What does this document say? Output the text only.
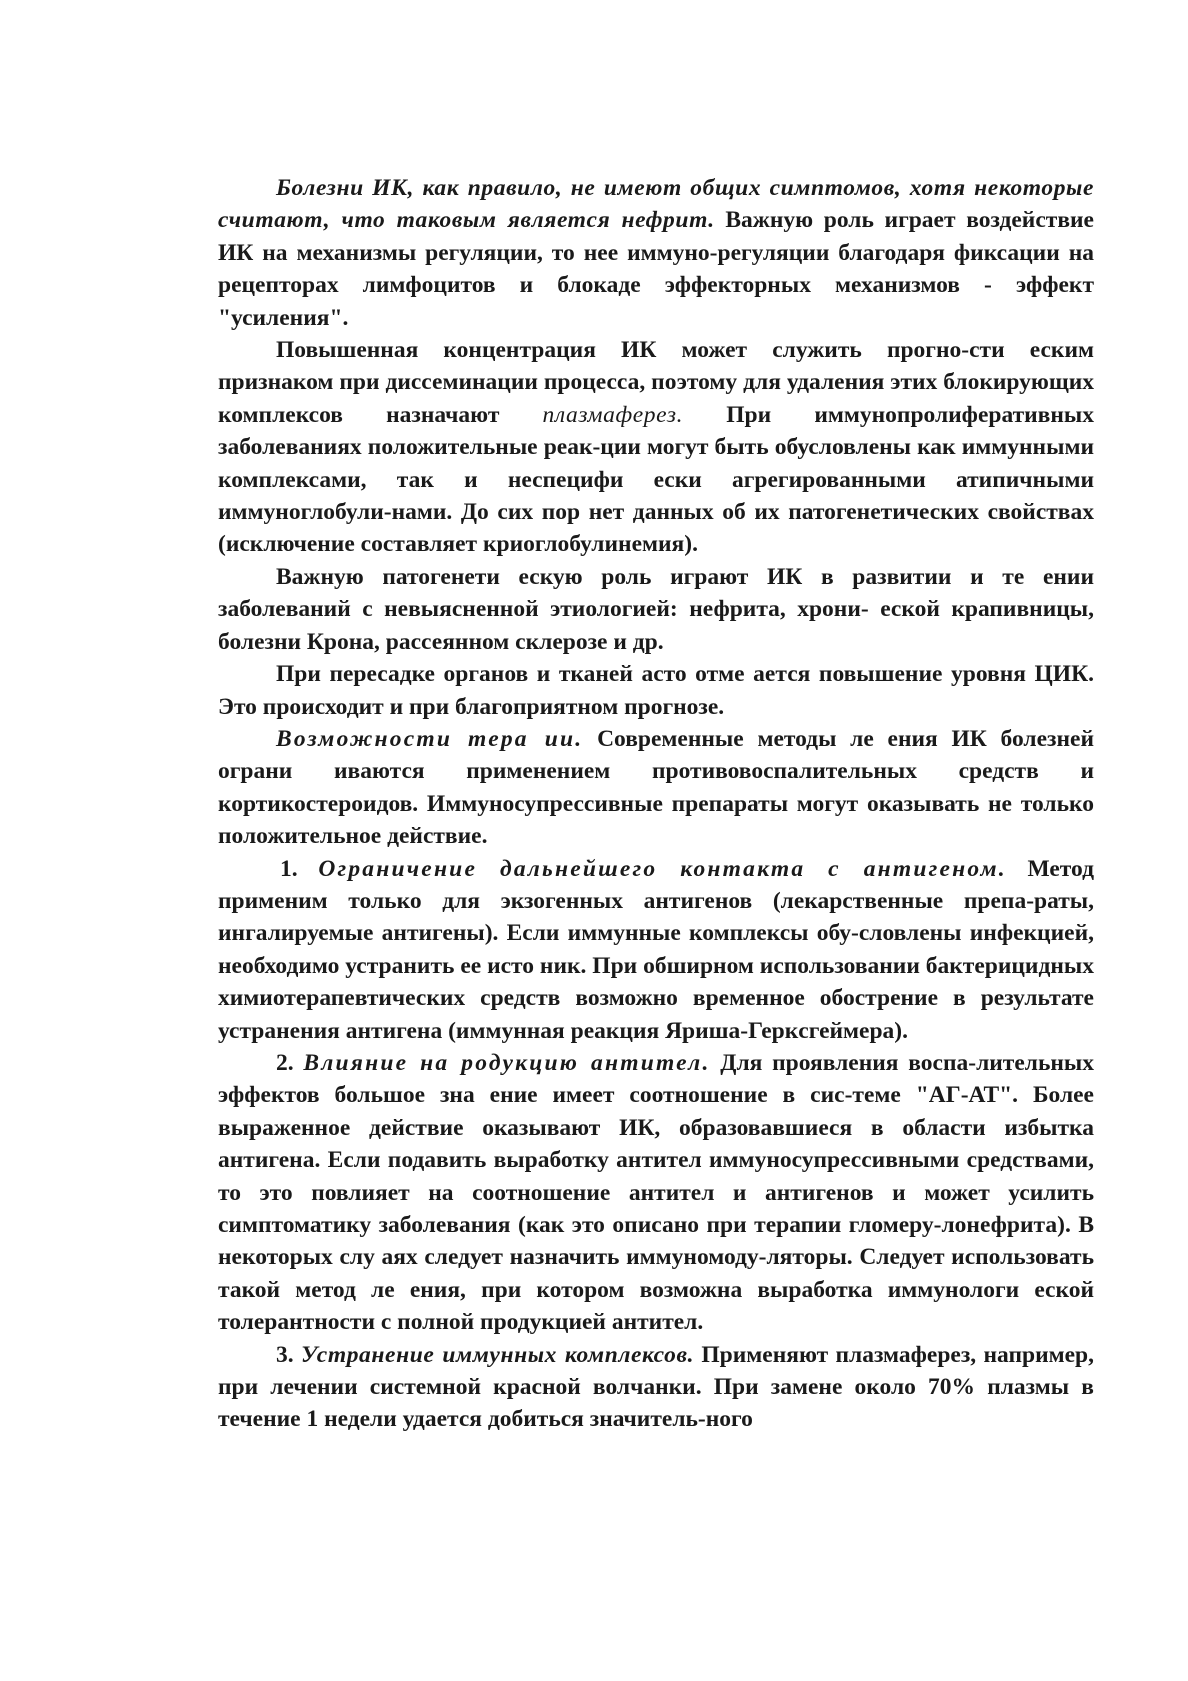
Болезни ИК, как правило, не имеют общих симптомов, хотя некоторые считают, что таковым является нефрит. Важную роль играет воздействие ИК на механизмы регуляции, то нее иммуно-регуляции благодаря фиксации на рецепторах лимфоцитов и блокаде эффекторных механизмов - эффект "усиления".

Повышенная концентрация ИК может служить прогно-сти еским признаком при диссеминации процесса, поэтому для удаления этих блокирующих комплексов назначают плазмаферез. При иммунопролиферативных заболеваниях положительные реак-ции могут быть обусловлены как иммунными комплексами, так и неспецифи ески агрегированными атипичными иммуноглобули-нами. До сих пор нет данных об их патогенетических свойствах (исключение составляет криоглобулинемия).

Важную патогенети ескую роль играют ИК в развитии и те ении заболеваний с невыясненной этиологией: нефрита, хрони- еской крапивницы, болезни Крона, рассеянном склерозе и др.

При пересадке органов и тканей асто отме ается повышение уровня ЦИК. Это происходит и при благоприятном прогнозе.

Возможности тера ии. Современные методы ле ения ИК болезней ограни иваются применением противовоспалительных средств и кортикостероидов. Иммуносупрессивные препараты могут оказывать не только положительное действие.

1. Ограничение дальнейшего контакта с антигеном. Метод применим только для экзогенных антигенов (лекарственные препа-раты, ингалируемые антигены). Если иммунные комплексы обу-словлены инфекцией, необходимо устранить ее исто ник. При обширном использовании бактерицидных химиотерапевтических средств возможно временное обострение в результате устранения антигена (иммунная реакция Яриша-Геркcгеймера).

2. Влияние на родукцию антител. Для проявления воспа-лительных эффектов большое зна ение имеет соотношение в сис-теме "АГ-АТ". Более выраженное действие оказывают ИК, образовавшиеся в области избытка антигена. Если подавить выработку антител иммуносупрессивными средствами, то это повлияет на соотношение антител и антигенов и может усилить симптоматику заболевания (как это описано при терапии гломеру-лонефрита). В некоторых слу аях следует назначить иммуномоду-ляторы. Следует использовать такой метод ле ения, при котором возможна выработка иммунологи еской толерантности с полной продукцией антител.

3. Устранение иммунных комплексов. Применяют плазмаферез, например, при лечении системной красной волчанки. При замене около 70% плазмы в течение 1 недели удается добиться значитель-ного
